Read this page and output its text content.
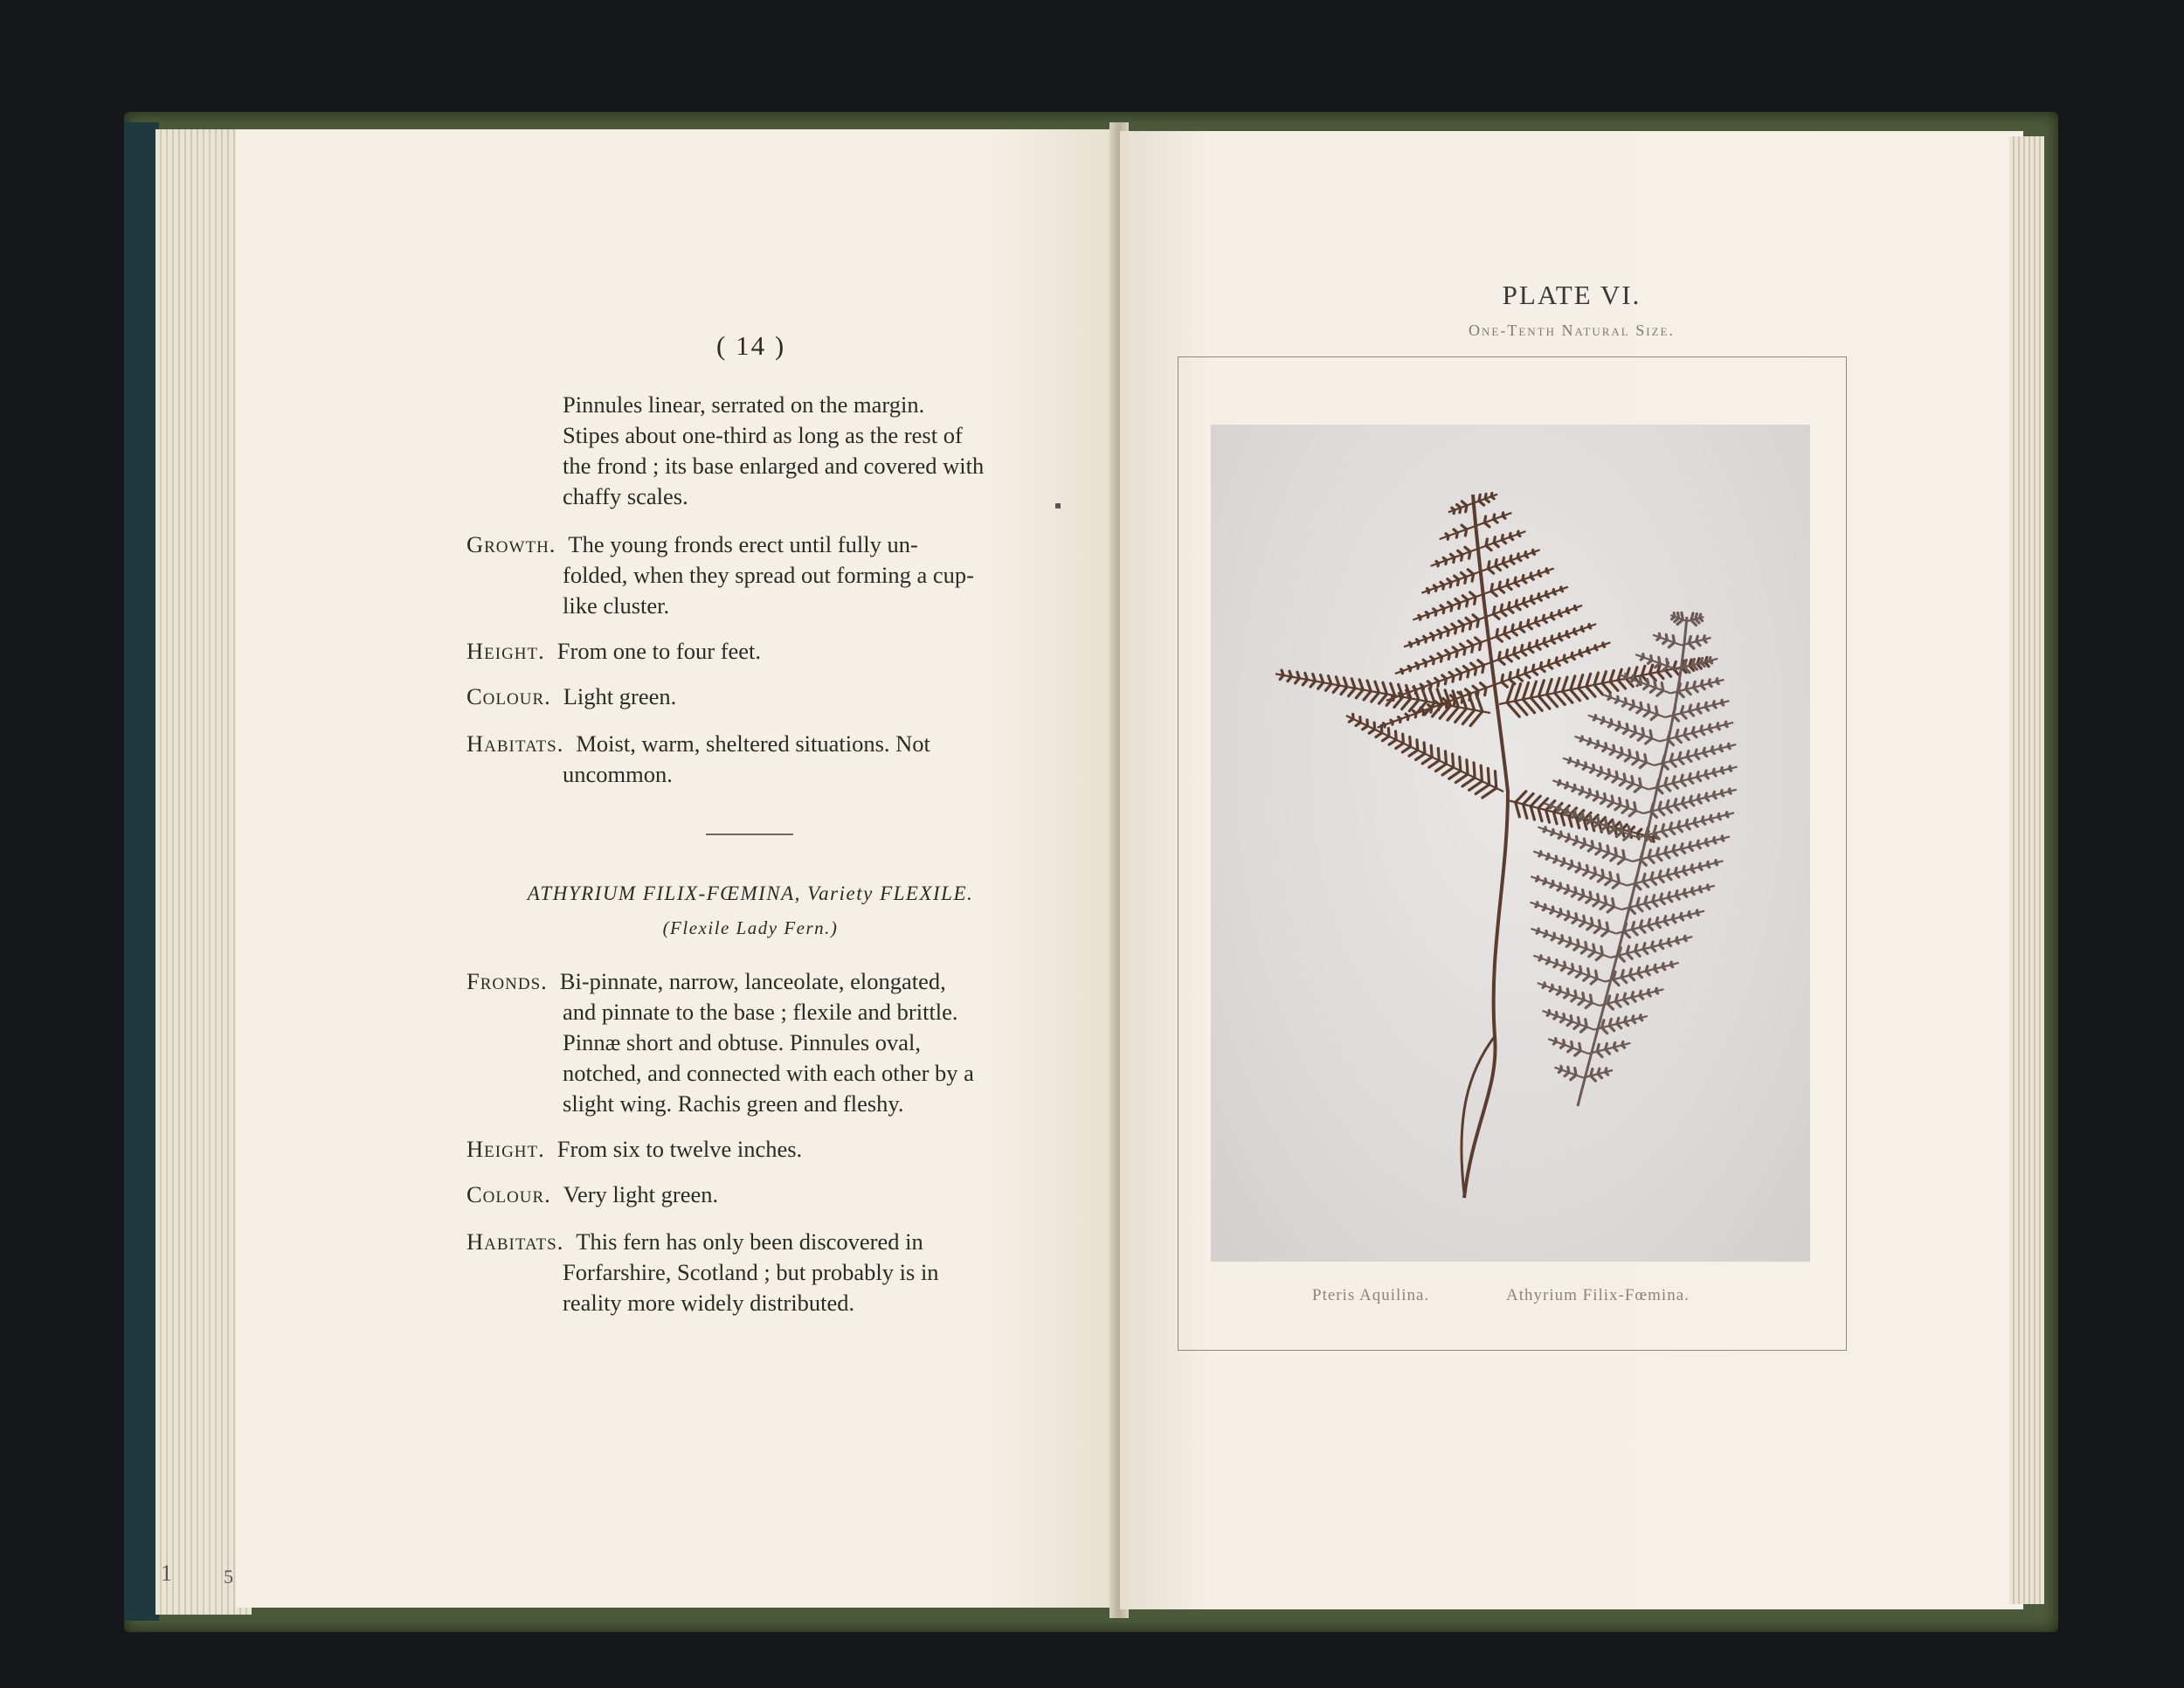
1	5
( 14 )
Pinnules linear, serrated on the margin.
Stipes about one-third as long as the rest of
the frond ; its base enlarged and covered with
chaffy scales.
Growth. The young fronds erect until fully un-
folded, when they spread out forming a cup-
like cluster.
Height. From one to four feet.
Colour. Light green.
Habitats. Moist, warm, sheltered situations. Not
uncommon.
ATHYRIUM FILIX-FŒMINA, Variety FLEXILE.
(Flexile Lady Fern.)
Fronds. Bi-pinnate, narrow, lanceolate, elongated,
and pinnate to the base ; flexile and brittle.
Pinnæ short and obtuse. Pinnules oval,
notched, and connected with each other by a
slight wing. Rachis green and fleshy.
Height. From six to twelve inches.
Colour. Very light green.
Habitats. This fern has only been discovered in
Forfarshire, Scotland ; but probably is in
reality more widely distributed.
PLATE VI.
One-Tenth Natural Size.
Pteris Aquilina.	Athyrium Filix-Fœmina.
